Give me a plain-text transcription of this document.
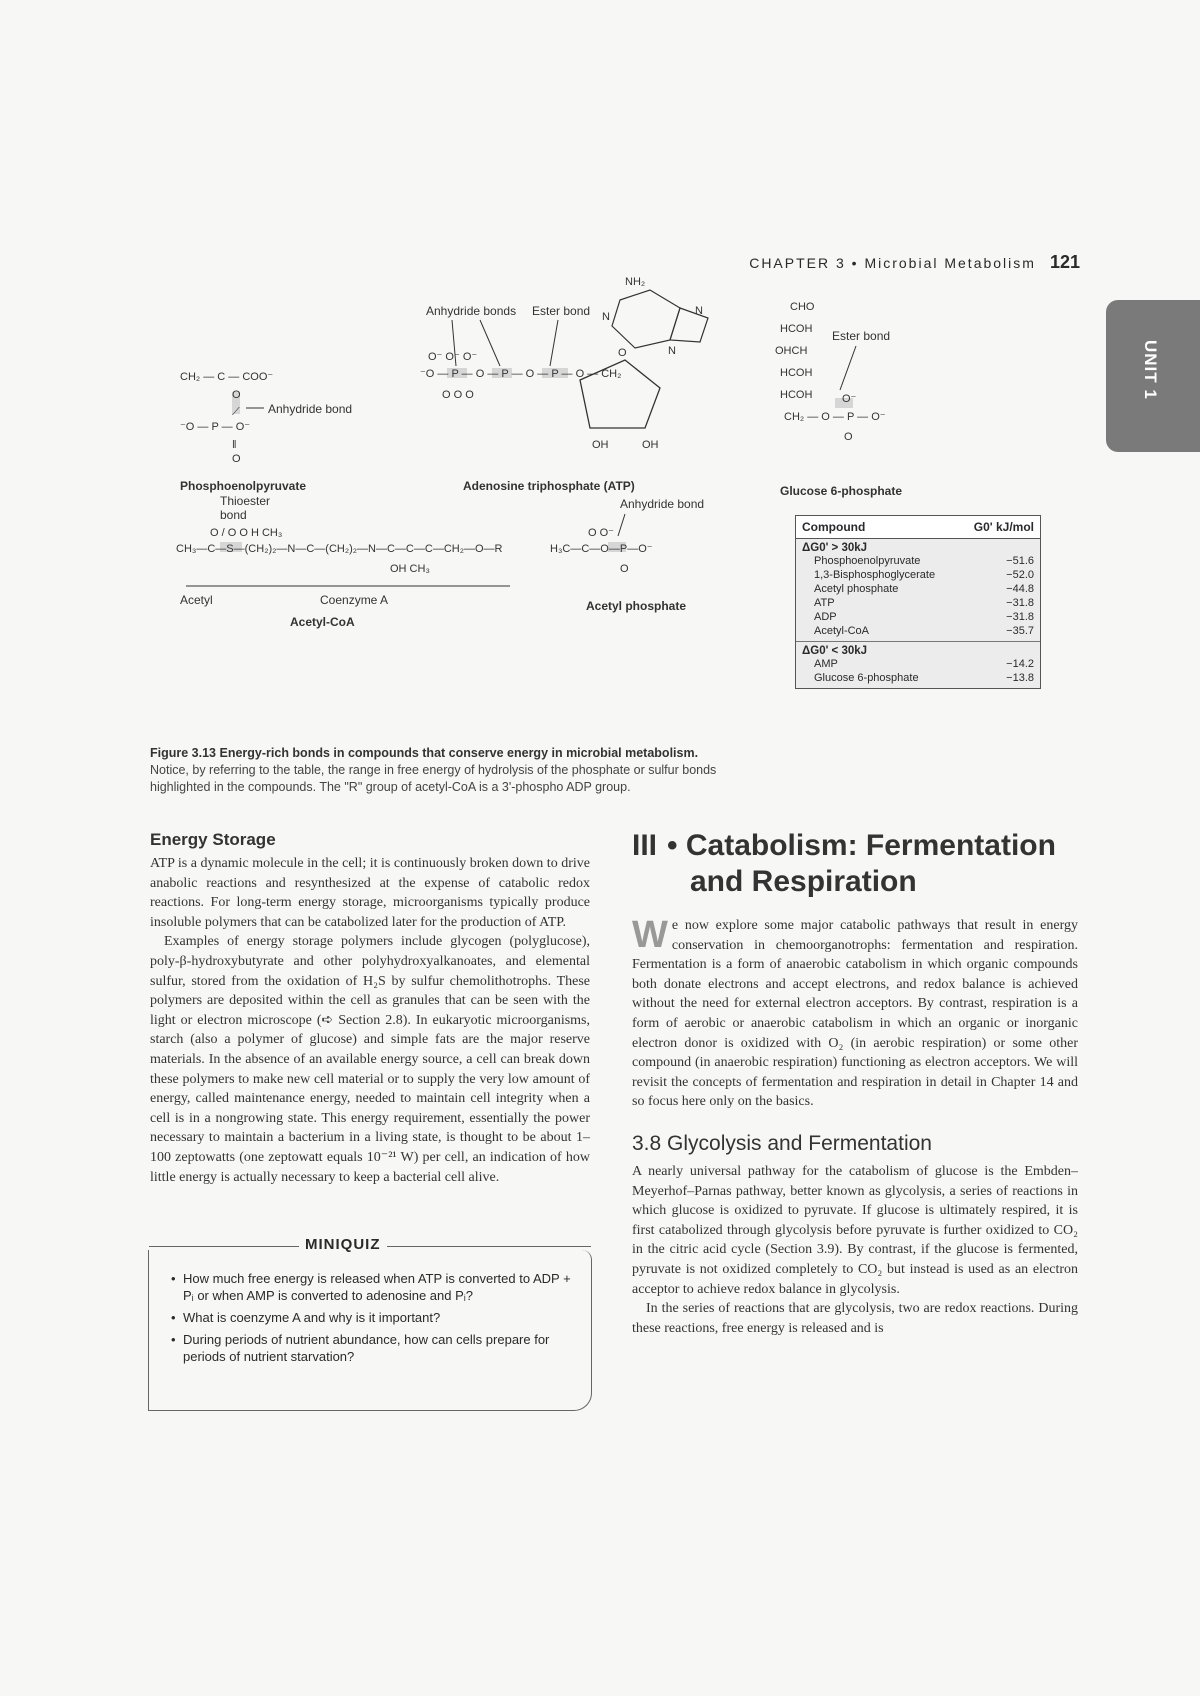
CHAPTER 3 • Microbial Metabolism 121
UNIT 1
CH₂ — C — COO⁻
O
⟋
⁻O — P — O⁻
‖
O
Anhydride bond
Phosphoenolpyruvate
Anhydride bonds Ester bond
O⁻ O⁻ O⁻
⁻O — P — O — P — O — P — O — CH₂
O O O
NH₂
N	N
N
O
OH	OH
Adenosine triphosphate (ATP)
CHO
HCOH
OHCH
HCOH
HCOH
CH₂ — O — P — O⁻
O⁻
O
Ester bond
Glucose 6-phosphate
Thioester
bond
O / O O H CH₃
CH₃—C—S—(CH₂)₂—N—C—(CH₂)₂—N—C—C—C—CH₂—O—R
OH CH₃
Acetyl	Coenzyme A
Acetyl-CoA
Anhydride bond
O O⁻
H₃C—C—O—P—O⁻
O
Acetyl phosphate
Compound	G0' kJ/mol
ΔG0' > 30kJ
Phosphoenolpyruvate	−51.6
1,3-Bisphosphoglycerate	−52.0
Acetyl phosphate	−44.8
ATP	−31.8
ADP	−31.8
Acetyl-CoA	−35.7
ΔG0' < 30kJ
AMP	−14.2
Glucose 6-phosphate	−13.8
Figure 3.13 Energy-rich bonds in compounds that conserve energy in microbial metabolism. Notice, by referring to the table, the range in free energy of hydrolysis of the phosphate or sulfur bonds highlighted in the compounds. The "R" group of acetyl-CoA is a 3'-phospho ADP group.
Energy Storage

ATP is a dynamic molecule in the cell; it is continuously broken down to drive anabolic reactions and resynthesized at the expense of catabolic redox reactions. For long-term energy storage, microorganisms typically produce insoluble polymers that can be catabolized later for the production of ATP.

Examples of energy storage polymers include glycogen (polyglucose), poly-β-hydroxybutyrate and other polyhydroxyalkanoates, and elemental sulfur, stored from the oxidation of H₂S by sulfur chemolithotrophs. These polymers are deposited within the cell as granules that can be seen with the light or electron microscope (➪ Section 2.8). In eukaryotic microorganisms, starch (also a polymer of glucose) and simple fats are the major reserve materials. In the absence of an available energy source, a cell can break down these polymers to make new cell material or to supply the very low amount of energy, called maintenance energy, needed to maintain cell integrity when a cell is in a nongrowing state. This energy requirement, essentially the power necessary to maintain a bacterium in a living state, is thought to be about 1–100 zeptowatts (one zeptowatt equals 10⁻²¹ W) per cell, an indication of how little energy is actually necessary to keep a bacterial cell alive.

MINIQUIZ
• How much free energy is released when ATP is converted to ADP + Pᵢ or when AMP is converted to adenosine and Pᵢ?
• What is coenzyme A and why is it important?
• During periods of nutrient abundance, how can cells prepare for periods of nutrient starvation?
III • Catabolism: Fermentation
and Respiration

We now explore some major catabolic pathways that result in energy conservation in chemoorganotrophs: fermentation and respiration. Fermentation is a form of anaerobic catabolism in which organic compounds both donate electrons and accept electrons, and redox balance is achieved without the need for external electron acceptors. By contrast, respiration is a form of aerobic or anaerobic catabolism in which an organic or inorganic electron donor is oxidized with O₂ (in aerobic respiration) or some other compound (in anaerobic respiration) functioning as electron acceptors. We will revisit the concepts of fermentation and respiration in detail in Chapter 14 and so focus here only on the basics.

3.8 Glycolysis and Fermentation

A nearly universal pathway for the catabolism of glucose is the Embden–Meyerhof–Parnas pathway, better known as glycolysis, a series of reactions in which glucose is oxidized to pyruvate. If glucose is ultimately respired, it is first catabolized through glycolysis before pyruvate is further oxidized to CO₂ in the citric acid cycle (Section 3.9). By contrast, if the glucose is fermented, pyruvate is not oxidized completely to CO₂ but instead is used as an electron acceptor to achieve redox balance in glycolysis.

In the series of reactions that are glycolysis, two are redox reactions. During these reactions, free energy is released and is
